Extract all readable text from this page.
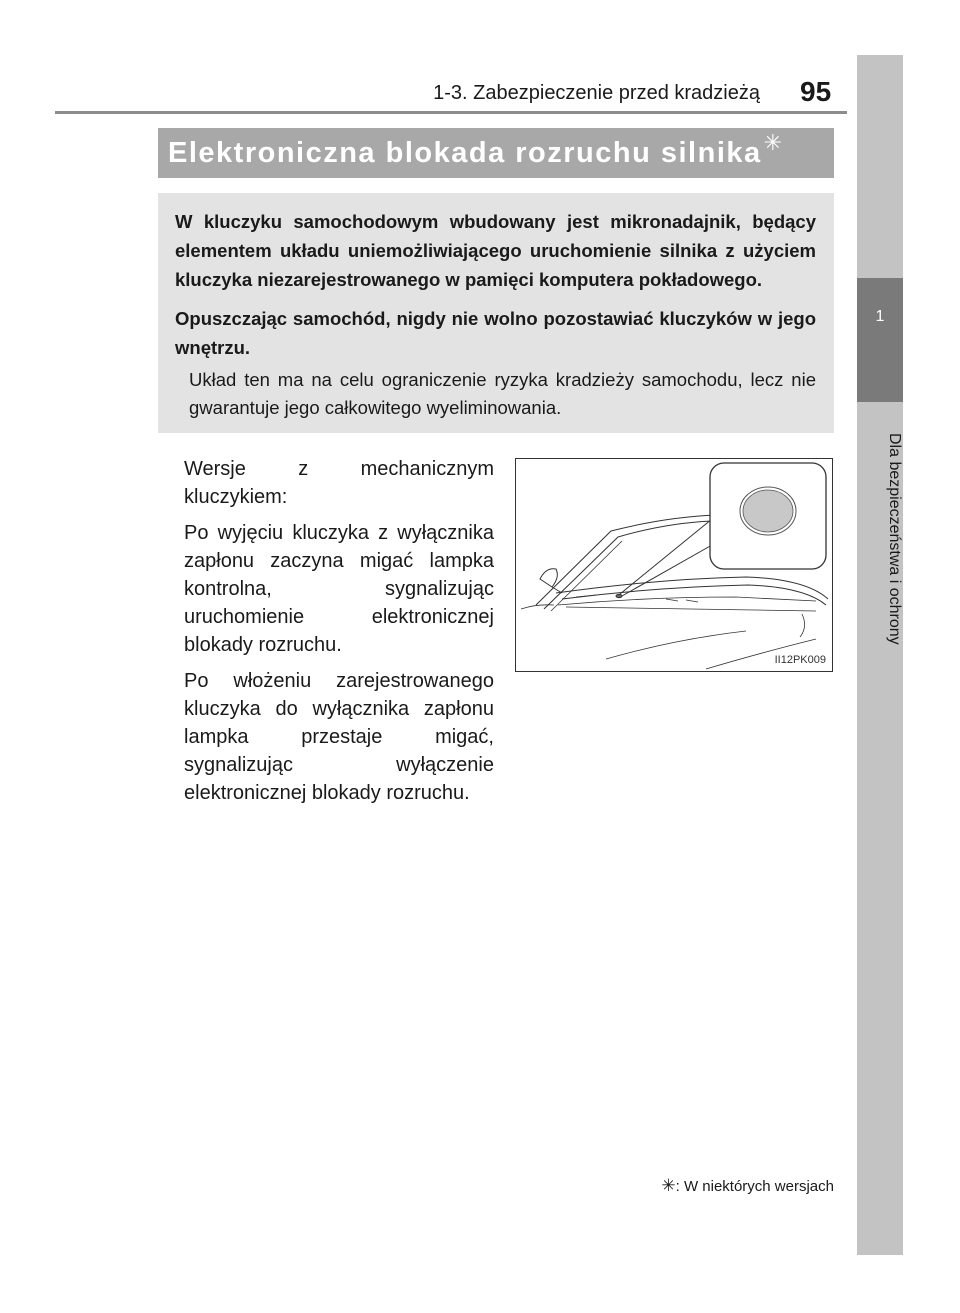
1-3. Zabezpieczenie przed kradzieżą 95
1
Dla bezpieczeństwa i ochrony
Elektroniczna blokada rozruchu silnika ✳

W kluczyku samochodowym wbudowany jest mikronadajnik, będący elementem układu uniemożliwiającego uruchomienie silnika z użyciem kluczyka niezarejestrowanego w pamięci komputera pokładowego.

Opuszczając samochód, nigdy nie wolno pozostawiać kluczyków w jego wnętrzu.

Układ ten ma na celu ograniczenie ryzyka kradzieży samochodu, lecz nie gwarantuje jego całkowitego wyeliminowania.

Wersje z mechanicznym kluczykiem:

Po wyjęciu kluczyka z wyłącznika zapłonu zaczyna migać lampka kontrolna, sygnalizując uruchomienie elektronicznej blokady rozruchu.

Po włożeniu zarejestrowanego kluczyka do wyłącznika zapłonu lampka przestaje migać, sygnalizując wyłączenie elektronicznej blokady rozruchu.

II12PK009
✳: W niektórych wersjach
